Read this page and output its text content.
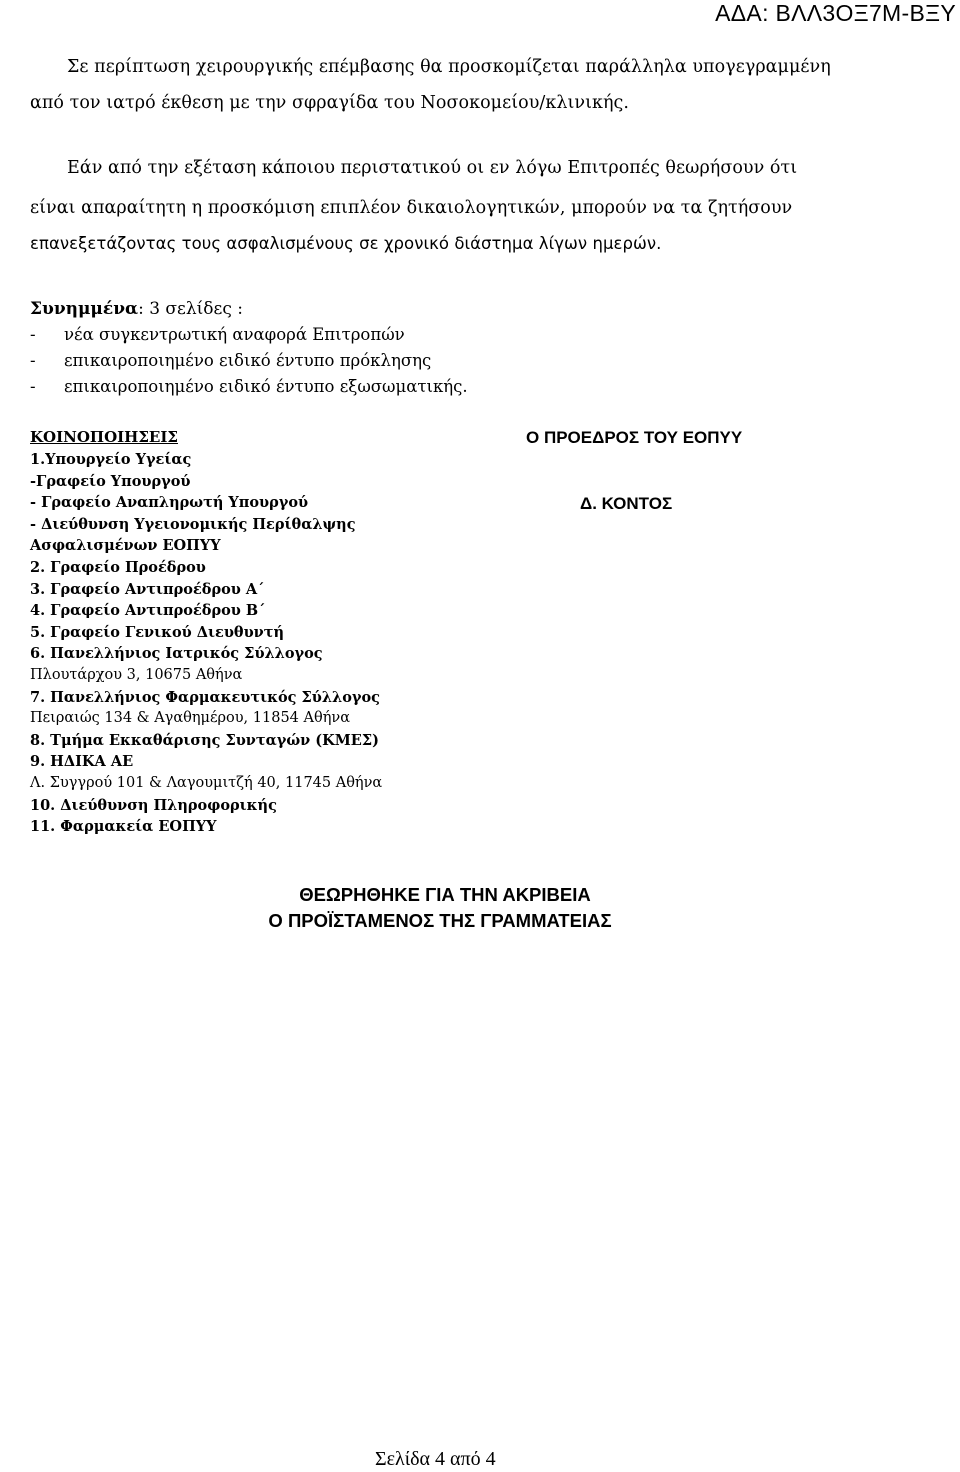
ΑΔΑ: ΒΛΛ3ΟΞ7Μ-ΒΞΥ
Σε περίπτωση χειρουργικής επέμβασης θα προσκομίζεται παράλληλα υπογεγραμμένη
από τον ιατρό έκθεση με την σφραγίδα του Νοσοκομείου/κλινικής.
Εάν από την εξέταση κάποιου περιστατικού οι εν λόγω Επιτροπές θεωρήσουν ότι
είναι απαραίτητη η προσκόμιση επιπλέον δικαιολογητικών, μπορούν να τα ζητήσουν
επανεξετάζοντας τους ασφαλισμένους σε χρονικό διάστημα λίγων ημερών.
Συνημμένα: 3 σελίδες :
- νέα συγκεντρωτική αναφορά Επιτροπών
- επικαιροποιημένο ειδικό έντυπο πρόκλησης
- επικαιροποιημένο ειδικό έντυπο εξωσωματικής.
ΚΟΙΝΟΠΟΙΗΣΕΙΣ
1.Υπουργείο Υγείας
-Γραφείο Υπουργού
- Γραφείο Αναπληρωτή Υπουργού
- Διεύθυνση Υγειονομικής Περίθαλψης
Ασφαλισμένων ΕΟΠΥΥ
2. Γραφείο Προέδρου
3. Γραφείο Αντιπροέδρου Α΄
4. Γραφείο Αντιπροέδρου Β΄
5. Γραφείο Γενικού Διευθυντή
6. Πανελλήνιος Ιατρικός Σύλλογος
Πλουτάρχου 3, 10675 Αθήνα
7. Πανελλήνιος Φαρμακευτικός Σύλλογος
Πειραιώς 134 & Αγαθημέρου, 11854 Αθήνα
8. Τμήμα Εκκαθάρισης Συνταγών (ΚΜΕΣ)
9. ΗΔΙΚΑ ΑΕ
Λ. Συγγρού 101 & Λαγουμιτζή 40, 11745 Αθήνα
10. Διεύθυνση Πληροφορικής
11. Φαρμακεία ΕΟΠΥΥ
Ο ΠΡΟΕΔΡΟΣ ΤΟΥ ΕΟΠΥΥ
Δ. ΚΟΝΤΟΣ
ΘΕΩΡΗΘΗΚΕ ΓΙΑ ΤΗΝ ΑΚΡΙΒΕΙΑ
Ο ΠΡΟΪΣΤΑΜΕΝΟΣ ΤΗΣ ΓΡΑΜΜΑΤΕΙΑΣ
Σελίδα 4 από 4
